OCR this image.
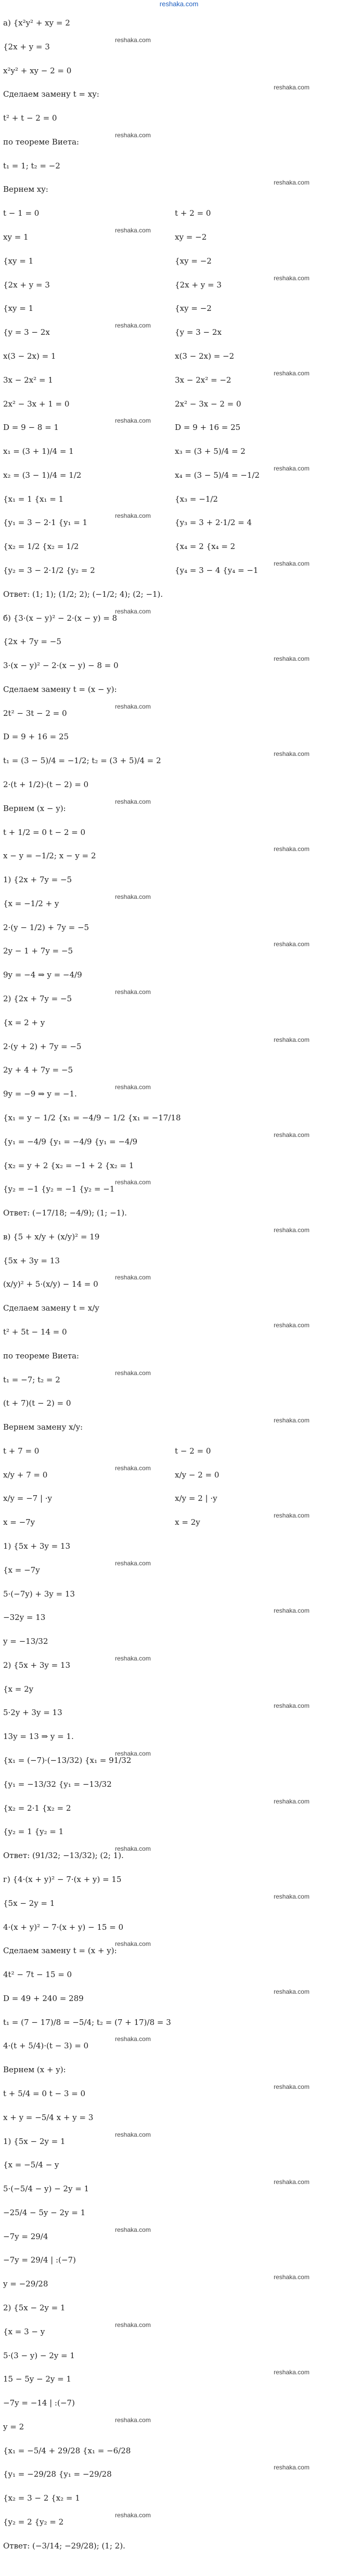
reshaka.com
а) {x²y² + xy = 2
{2x + y = 3
reshaka.com
x²y² + xy − 2 = 0
Сделаем замену t = xy:
reshaka.com
t² + t − 2 = 0
по теореме Виета:
reshaka.com
t₁ = 1; t₂ = −2
Вернем xy:
reshaka.com
t − 1 = 0	t + 2 = 0
xy = 1	xy = −2
reshaka.com
{xy = 1	{xy = −2
{2x + y = 3	{2x + y = 3
reshaka.com
{xy = 1	{xy = −2
{y = 3 − 2x	{y = 3 − 2x
reshaka.com
x(3 − 2x) = 1	x(3 − 2x) = −2
3x − 2x² = 1	3x − 2x² = −2
reshaka.com
2x² − 3x + 1 = 0	2x² − 3x − 2 = 0
D = 9 − 8 = 1	D = 9 + 16 = 25
reshaka.com
x₁ = (3 + 1)/4 = 1	x₃ = (3 + 5)/4 = 2
x₂ = (3 − 1)/4 = 1/2	x₄ = (3 − 5)/4 = −1/2
reshaka.com
{x₁ = 1 {x₁ = 1	{x₃ = −1/2
{y₁ = 3 − 2·1 {y₁ = 1	{y₃ = 3 + 2·1/2 = 4
reshaka.com
{x₂ = 1/2 {x₂ = 1/2	{x₄ = 2 {x₄ = 2
{y₂ = 3 − 2·1/2 {y₂ = 2	{y₄ = 3 − 4 {y₄ = −1
reshaka.com
Ответ: (1; 1); (1/2; 2); (−1/2; 4); (2; −1).
б) {3·(x − y)² − 2·(x − y) = 8
reshaka.com
{2x + 7y = −5
3·(x − y)² − 2·(x − y) − 8 = 0
reshaka.com
Сделаем замену t = (x − y):
2t² − 3t − 2 = 0
reshaka.com
D = 9 + 16 = 25
t₁ = (3 − 5)/4 = −1/2; t₂ = (3 + 5)/4 = 2
reshaka.com
2·(t + 1/2)·(t − 2) = 0
Вернем (x − y):
reshaka.com
t + 1/2 = 0 t − 2 = 0
x − y = −1/2; x − y = 2
reshaka.com
1) {2x + 7y = −5
{x = −1/2 + y
reshaka.com
2·(y − 1/2) + 7y = −5
2y − 1 + 7y = −5
reshaka.com
9y = −4 ⇒ y = −4/9
2) {2x + 7y = −5
reshaka.com
{x = 2 + y
2·(y + 2) + 7y = −5
reshaka.com
2y + 4 + 7y = −5
9y = −9 ⇒ y = −1.
reshaka.com
{x₁ = y − 1/2 {x₁ = −4/9 − 1/2 {x₁ = −17/18
{y₁ = −4/9 {y₁ = −4/9 {y₁ = −4/9
reshaka.com
{x₂ = y + 2 {x₂ = −1 + 2 {x₂ = 1
{y₂ = −1 {y₂ = −1 {y₂ = −1
reshaka.com
Ответ: (−17/18; −4/9); (1; −1).
в) {5 + x/y + (x/y)² = 19
reshaka.com
{5x + 3y = 13
(x/y)² + 5·(x/y) − 14 = 0
reshaka.com
Сделаем замену t = x/y
t² + 5t − 14 = 0
reshaka.com
по теореме Виета:
t₁ = −7; t₂ = 2
reshaka.com
(t + 7)(t − 2) = 0
Вернем замену x/y:
reshaka.com
t + 7 = 0	t − 2 = 0
x/y + 7 = 0	x/y − 2 = 0
reshaka.com
x/y = −7 | ·y	x/y = 2 | ·y
x = −7y	x = 2y
reshaka.com
1) {5x + 3y = 13
{x = −7y
reshaka.com
5·(−7y) + 3y = 13
−32y = 13
reshaka.com
y = −13/32
2) {5x + 3y = 13
reshaka.com
{x = 2y
5·2y + 3y = 13
reshaka.com
13y = 13 ⇒ y = 1.
{x₁ = (−7)·(−13/32) {x₁ = 91/32
reshaka.com
{y₁ = −13/32 {y₁ = −13/32
{x₂ = 2·1 {x₂ = 2
reshaka.com
{y₂ = 1 {y₂ = 1
Ответ: (91/32; −13/32); (2; 1).
reshaka.com
г) {4·(x + y)² − 7·(x + y) = 15
{5x − 2y = 1
reshaka.com
4·(x + y)² − 7·(x + y) − 15 = 0
Сделаем замену t = (x + y):
reshaka.com
4t² − 7t − 15 = 0
D = 49 + 240 = 289
reshaka.com
t₁ = (7 − 17)/8 = −5/4; t₂ = (7 + 17)/8 = 3
4·(t + 5/4)·(t − 3) = 0
reshaka.com
Вернем (x + y):
t + 5/4 = 0 t − 3 = 0
reshaka.com
x + y = −5/4 x + y = 3
1) {5x − 2y = 1
reshaka.com
{x = −5/4 − y
5·(−5/4 − y) − 2y = 1
reshaka.com
−25/4 − 5y − 2y = 1
−7y = 29/4
reshaka.com
−7y = 29/4 | :(−7)
y = −29/28
reshaka.com
2) {5x − 2y = 1
{x = 3 − y
reshaka.com
5·(3 − y) − 2y = 1
15 − 5y − 2y = 1
reshaka.com
−7y = −14 | :(−7)
y = 2
reshaka.com
{x₁ = −5/4 + 29/28 {x₁ = −6/28
{y₁ = −29/28 {y₁ = −29/28
reshaka.com
{x₂ = 3 − 2 {x₂ = 1
{y₂ = 2 {y₂ = 2
reshaka.com
Ответ: (−3/14; −29/28); (1; 2).
